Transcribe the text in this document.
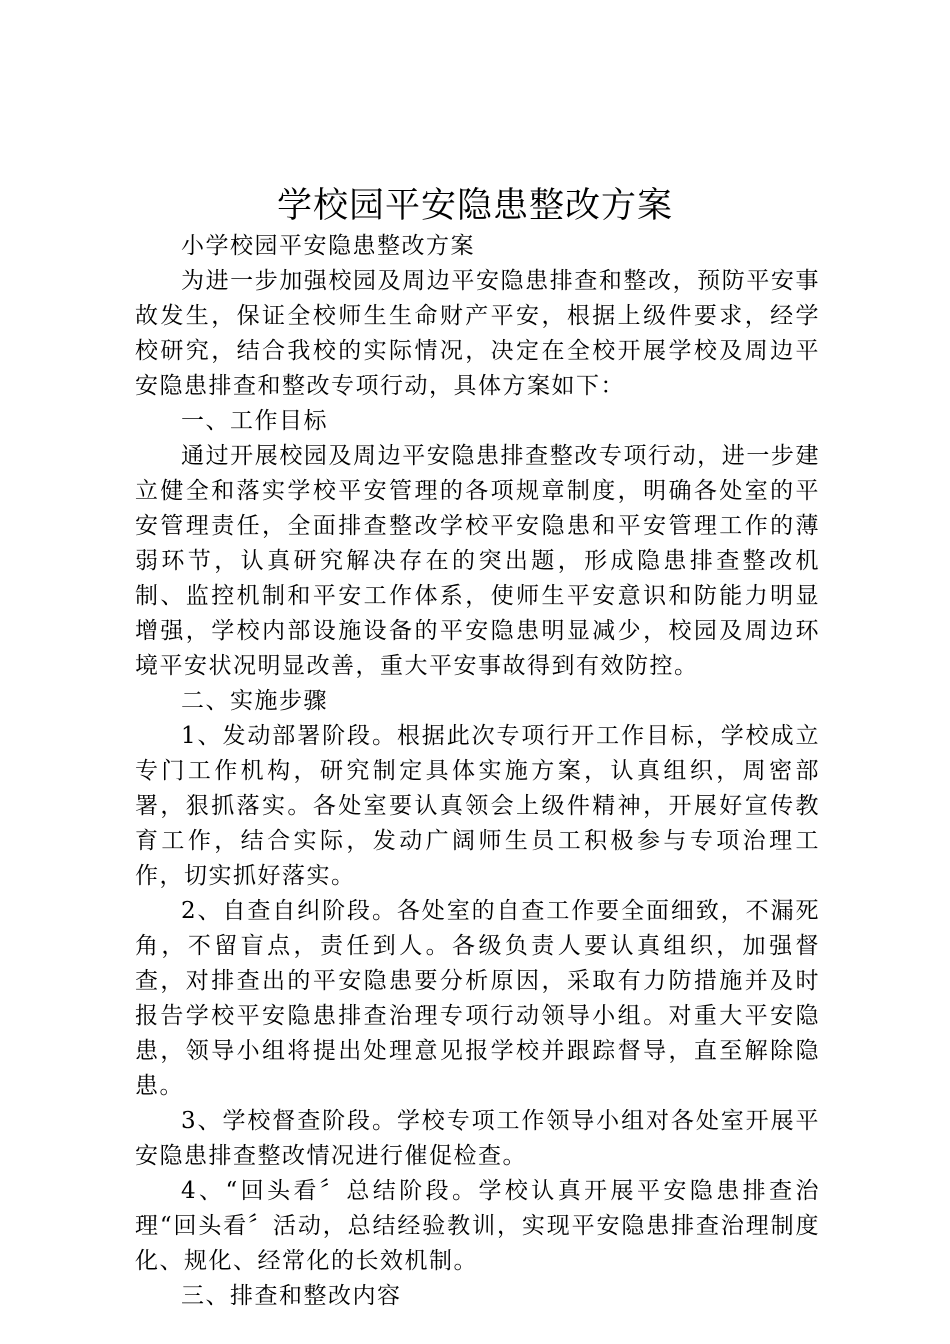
学校园平安隐患整改方案

小学校园平安隐患整改方案

为进一步加强校园及周边平安隐患排查和整改，预防平安事故发生，保证全校师生生命财产平安，根据上级件要求，经学校研究，结合我校的实际情况，决定在全校开展学校及周边平安隐患排查和整改专项行动，具体方案如下：

一、工作目标

通过开展校园及周边平安隐患排查整改专项行动，进一步建立健全和落实学校平安管理的各项规章制度，明确各处室的平安管理责任，全面排查整改学校平安隐患和平安管理工作的薄弱环节，认真研究解决存在的突出题，形成隐患排查整改机制、监控机制和平安工作体系，使师生平安意识和防能力明显增强，学校内部设施设备的平安隐患明显减少，校园及周边环境平安状况明显改善，重大平安事故得到有效防控。

二、实施步骤

1、发动部署阶段。根据此次专项行开工作目标，学校成立专门工作机构，研究制定具体实施方案，认真组织，周密部署，狠抓落实。各处室要认真领会上级件精神，开展好宣传教育工作，结合实际，发动广阔师生员工积极参与专项治理工作，切实抓好落实。

2、自查自纠阶段。各处室的自查工作要全面细致，不漏死角，不留盲点，责任到人。各级负责人要认真组织，加强督查，对排查出的平安隐患要分析原因，采取有力防措施并及时报告学校平安隐患排查治理专项行动领导小组。对重大平安隐患，领导小组将提出处理意见报学校并跟踪督导，直至解除隐患。

3、学校督查阶段。学校专项工作领导小组对各处室开展平安隐患排查整改情况进行催促检查。

4、“回头看〞总结阶段。学校认真开展平安隐患排查治理“回头看〞活动，总结经验教训，实现平安隐患排查治理制度化、规化、经常化的长效机制。

三、排查和整改内容
